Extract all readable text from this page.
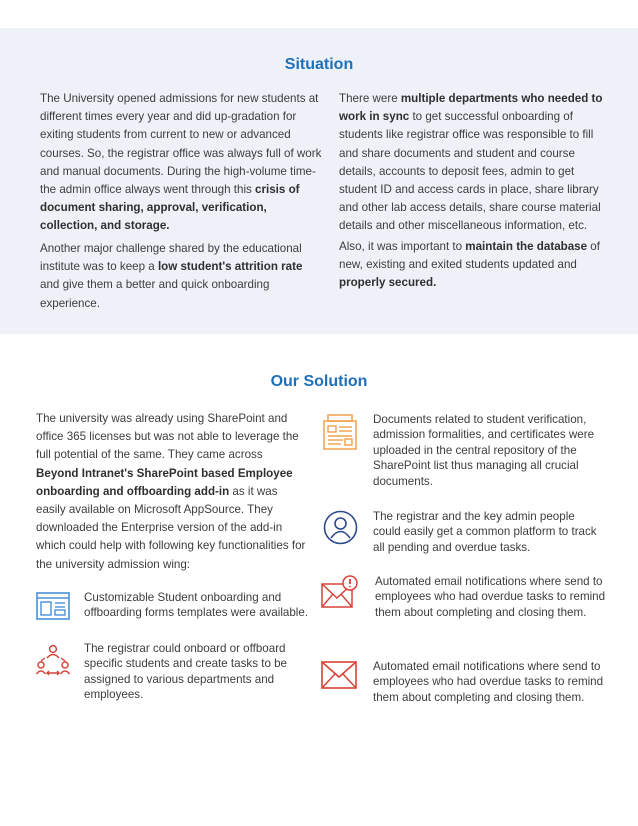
Situation

The University opened admissions for new students at different times every year and did up-gradation for exiting students from current to new or advanced courses. So, the registrar office was always full of work and manual documents. During the high-volume time- the admin office always went through this crisis of document sharing, approval, verification, collection, and storage.

Another major challenge shared by the educational institute was to keep a low student's attrition rate and give them a better and quick onboarding experience.

There were multiple departments who needed to work in sync to get successful onboarding of students like registrar office was responsible to fill and share documents and student and course details, accounts to deposit fees, admin to get student ID and access cards in place, share library and other lab access details, share course material details and other miscellaneous information, etc.

Also, it was important to maintain the database of new, existing and exited students updated and properly secured.

Our Solution

The university was already using SharePoint and office 365 licenses but was not able to leverage the full potential of the same. They came across Beyond Intranet's SharePoint based Employee onboarding and offboarding add-in as it was easily available on Microsoft AppSource. They downloaded the Enterprise version of the add-in which could help with following key functionalities for the university admission wing:

Customizable Student onboarding and offboarding forms templates were available.

The registrar could onboard or offboard specific students and create tasks to be assigned to various departments and employees.

Documents related to student verification, admission formalities, and certificates were uploaded in the central repository of the SharePoint list thus managing all crucial documents.

The registrar and the key admin people could easily get a common platform to track all pending and overdue tasks.

Automated email notifications where send to employees who had overdue tasks to remind them about completing and closing them.

Automated email notifications where send to employees who had overdue tasks to remind them about completing and closing them.
